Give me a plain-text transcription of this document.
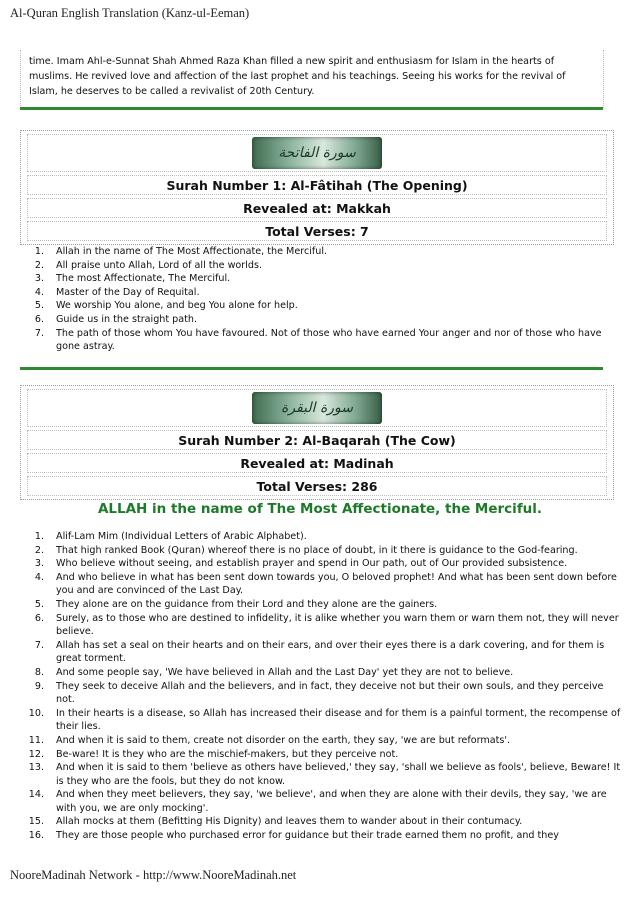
Al-Quran English Translation (Kanz-ul-Eeman)
time. Imam Ahl-e-Sunnat Shah Ahmed Raza Khan filled a new spirit and enthusiasm for Islam in the hearts of muslims. He revived love and affection of the last prophet and his teachings. Seeing his works for the revival of Islam, he deserves to be called a revivalist of 20th Century.
سورة الفاتحة
Surah Number 1: Al-Fâtihah (The Opening)
Revealed at: Makkah
Total Verses: 7
1. Allah in the name of The Most Affectionate, the Merciful.
2. All praise unto Allah, Lord of all the worlds.
3. The most Affectionate, The Merciful.
4. Master of the Day of Requital.
5. We worship You alone, and beg You alone for help.
6. Guide us in the straight path.
7. The path of those whom You have favoured. Not of those who have earned Your anger and nor of those who have gone astray.
سورة البقرة
Surah Number 2: Al-Baqarah (The Cow)
Revealed at: Madinah
Total Verses: 286
ALLAH in the name of The Most Affectionate, the Merciful.
1. Alif-Lam Mim (Individual Letters of Arabic Alphabet).
2. That high ranked Book (Quran) whereof there is no place of doubt, in it there is guidance to the God-fearing.
3. Who believe without seeing, and establish prayer and spend in Our path, out of Our provided subsistence.
4. And who believe in what has been sent down towards you, O beloved prophet! And what has been sent down before you and are convinced of the Last Day.
5. They alone are on the guidance from their Lord and they alone are the gainers.
6. Surely, as to those who are destined to infidelity, it is alike whether you warn them or warn them not, they will never believe.
7. Allah has set a seal on their hearts and on their ears, and over their eyes there is a dark covering, and for them is great torment.
8. And some people say, 'We have believed in Allah and the Last Day' yet they are not to believe.
9. They seek to deceive Allah and the believers, and in fact, they deceive not but their own souls, and they perceive not.
10. In their hearts is a disease, so Allah has increased their disease and for them is a painful torment, the recompense of their lies.
11. And when it is said to them, create not disorder on the earth, they say, 'we are but reformats'.
12. Be-ware! It is they who are the mischief-makers, but they perceive not.
13. And when it is said to them 'believe as others have believed,' they say, 'shall we believe as fools', believe, Beware! It is they who are the fools, but they do not know.
14. And when they meet believers, they say, 'we believe', and when they are alone with their devils, they say, 'we are with you, we are only mocking'.
15. Allah mocks at them (Befitting His Dignity) and leaves them to wander about in their contumacy.
16. They are those people who purchased error for guidance but their trade earned them no profit, and they
NooreMadinah Network - http://www.NooreMadinah.net
